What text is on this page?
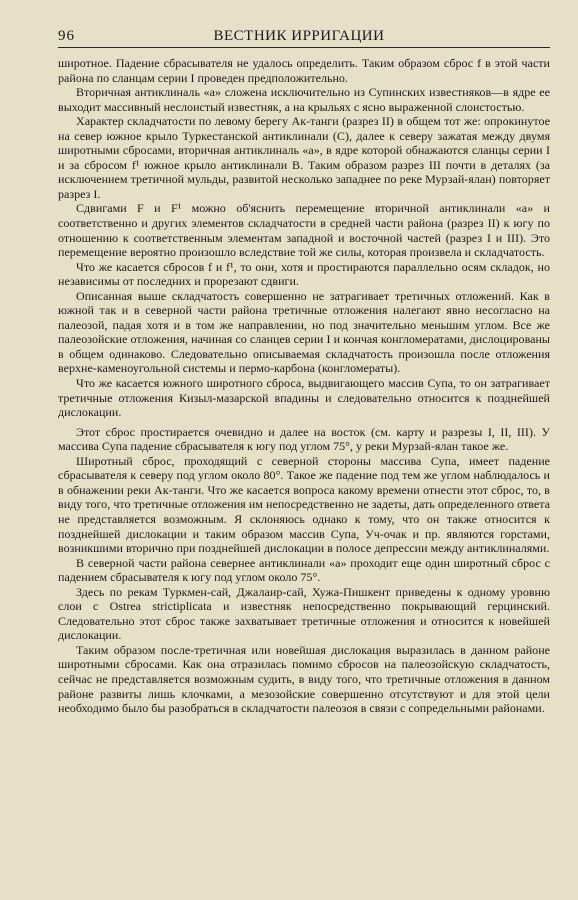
96	ВЕСТНИК ИРРИГАЦИИ

широтное. Падение сбрасывателя не удалось определить. Таким образом сброс f в этой части района по сланцам серии I проведен предположительно.

Вторичная антиклиналь «а» сложена исключительно из Супинских известняков—в ядре ее выходит массивный неслоистый известняк, а на крыльях с ясно выраженной слоистостью.

Характер складчатости по левому берегу Ак-танги (разрез II) в общем тот же: опрокинутое на север южное крыло Туркестанской антиклинали (С), далее к северу зажатая между двумя широтными сбросами, вторичная антиклиналь «а», в ядре которой обнажаются сланцы серии I и за сбросом f¹ южное крыло антиклинали В. Таким образом разрез III почти в деталях (за исключением третичной мульды, развитой несколько западнее по реке Мурзай-ялан) повторяет разрез I.

Сдвигами F и F¹ можно об'яснить перемещение вторичной антиклинали «а» и соответственно и других элементов складчатости в средней части района (разрез II) к югу по отношению к соответственным элементам западной и восточной частей (разрез I и III). Это перемещение вероятно произошло вследствие той же силы, которая произвела и складчатость.

Что же касается сбросов f и f¹, то они, хотя и простираются параллельно осям складок, но независимы от последних и прорезают сдвиги.

Описанная выше складчатость совершенно не затрагивает третичных отложений. Как в южной так и в северной части района третичные отложения налегают явно несогласно на палеозой, падая хотя и в том же направлении, но под значительно меньшим углом. Все же палеозойские отложения, начиная со сланцев серии I и кончая конгломератами, дислоцированы в общем одинаково. Следовательно описываемая складчатость произошла после отложения верхне-каменоугольной системы и пермо-карбона (конгломераты).

Что же касается южного широтного сброса, выдвигающего массив Супа, то он затрагивает третичные отложения Кизыл-мазарской впадины и следовательно относится к позднейшей дислокации.

Этот сброс простирается очевидно и далее на восток (см. карту и разрезы I, II, III). У массива Супа падение сбрасывателя к югу под углом 75°, у реки Мурзай-ялан такое же.

Широтный сброс, проходящий с северной стороны массива Супа, имеет падение сбрасывателя к северу под углом около 80°. Такое же падение под тем же углом наблюдалось и в обнажении реки Ак-танги. Что же касается вопроса какому времени отнести этот сброс, то, в виду того, что третичные отложения им непосредственно не задеты, дать определенного ответа не представляется возможным. Я склоняюсь однако к тому, что он также относится к позднейшей дислокации и таким образом массив Супа, Уч-очак и пр. являются горстами, возникшими вторично при позднейшей дислокации в полосе депрессии между антиклиналями.

В северной части района севернее антиклинали «а» проходит еще один широтный сброс с падением сбрасывателя к югу под углом около 75°.

Здесь по рекам Туркмен-сай, Джалаир-сай, Хужа-Пишкент приведены к одному уровню слои с Ostrea strictiplicata и известняк непосредственно покрывающий герцинский. Следовательно этот сброс также захватывает третичные отложения и относится к новейшей дислокации.

Таким образом после-третичная или новейшая дислокация выразилась в данном районе широтными сбросами. Как она отразилась помимо сбросов на палеозойскую складчатость, сейчас не представляется возможным судить, в виду того, что третичные отложения в данном районе развиты лишь клочками, а мезозойские совершенно отсутствуют и для этой цели необходимо было бы разобраться в складчатости палеозоя в связи с сопредельными районами.
